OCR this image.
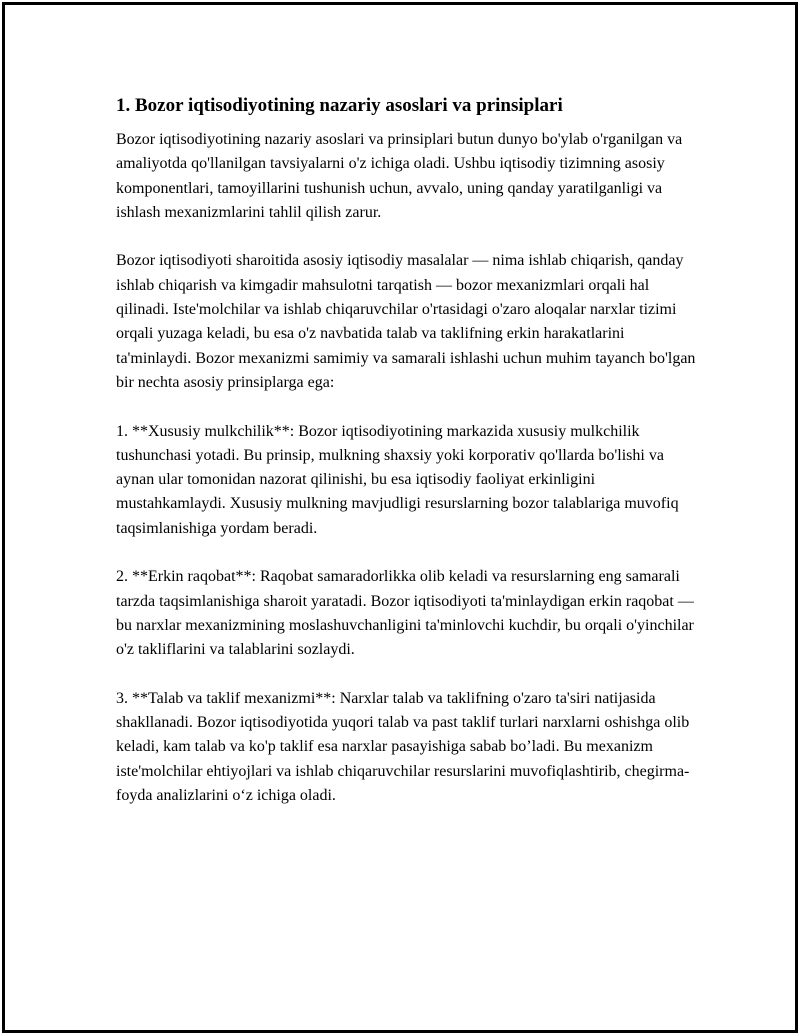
1. Bozor iqtisodiyotining nazariy asoslari va prinsiplari

Bozor iqtisodiyotining nazariy asoslari va prinsiplari butun dunyo bo'ylab o'rganilgan va amaliyotda qo'llanilgan tavsiyalarni o'z ichiga oladi. Ushbu iqtisodiy tizimning asosiy komponentlari, tamoyillarini tushunish uchun, avvalo, uning qanday yaratilganligi va ishlash mexanizmlarini tahlil qilish zarur.

Bozor iqtisodiyoti sharoitida asosiy iqtisodiy masalalar — nima ishlab chiqarish, qanday ishlab chiqarish va kimgadir mahsulotni tarqatish — bozor mexanizmlari orqali hal qilinadi. Iste'molchilar va ishlab chiqaruvchilar o'rtasidagi o'zaro aloqalar narxlar tizimi orqali yuzaga keladi, bu esa o'z navbatida talab va taklifning erkin harakatlarini ta'minlaydi. Bozor mexanizmi samimiy va samarali ishlashi uchun muhim tayanch bo'lgan bir nechta asosiy prinsiplarga ega:

1. **Xususiy mulkchilik**: Bozor iqtisodiyotining markazida xususiy mulkchilik tushunchasi yotadi. Bu prinsip, mulkning shaxsiy yoki korporativ qo'llarda bo'lishi va aynan ular tomonidan nazorat qilinishi, bu esa iqtisodiy faoliyat erkinligini mustahkamlaydi. Xususiy mulkning mavjudligi resurslarning bozor talablariga muvofiq taqsimlanishiga yordam beradi.

2. **Erkin raqobat**: Raqobat samaradorlikka olib keladi va resurslarning eng samarali tarzda taqsimlanishiga sharoit yaratadi. Bozor iqtisodiyoti ta'minlaydigan erkin raqobat — bu narxlar mexanizmining moslashuvchanligini ta'minlovchi kuchdir, bu orqali o'yinchilar o'z takliflarini va talablarini sozlaydi.

3. **Talab va taklif mexanizmi**: Narxlar talab va taklifning o'zaro ta'siri natijasida shakllanadi. Bozor iqtisodiyotida yuqori talab va past taklif turlari narxlarni oshishga olib keladi, kam talab va ko'p taklif esa narxlar pasayishiga sabab bo’ladi. Bu mexanizm iste'molchilar ehtiyojlari va ishlab chiqaruvchilar resurslarini muvofiqlashtirib, chegirma-foyda analizlarini o‘z ichiga oladi.
